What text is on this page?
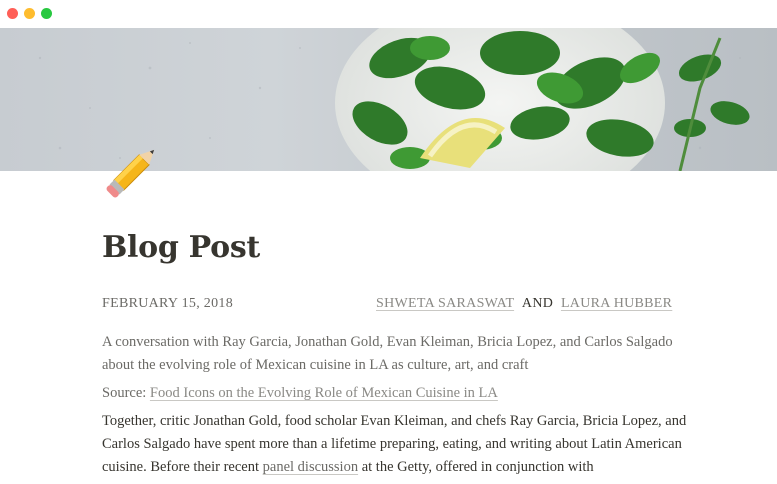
Blog Post
FEBRUARY 15, 2018	SHWETA SARASWAT AND LAURA HUBBER

A conversation with Ray Garcia, Jonathan Gold, Evan Kleiman, Bricia Lopez, and Carlos Salgado about the evolving role of Mexican cuisine in LA as culture, art, and craft

Source: Food Icons on the Evolving Role of Mexican Cuisine in LA

Together, critic Jonathan Gold, food scholar Evan Kleiman, and chefs Ray Garcia, Bricia Lopez, and Carlos Salgado have spent more than a lifetime preparing, eating, and writing about Latin American cuisine. Before their recent panel discussion at the Getty, offered in conjunction with
